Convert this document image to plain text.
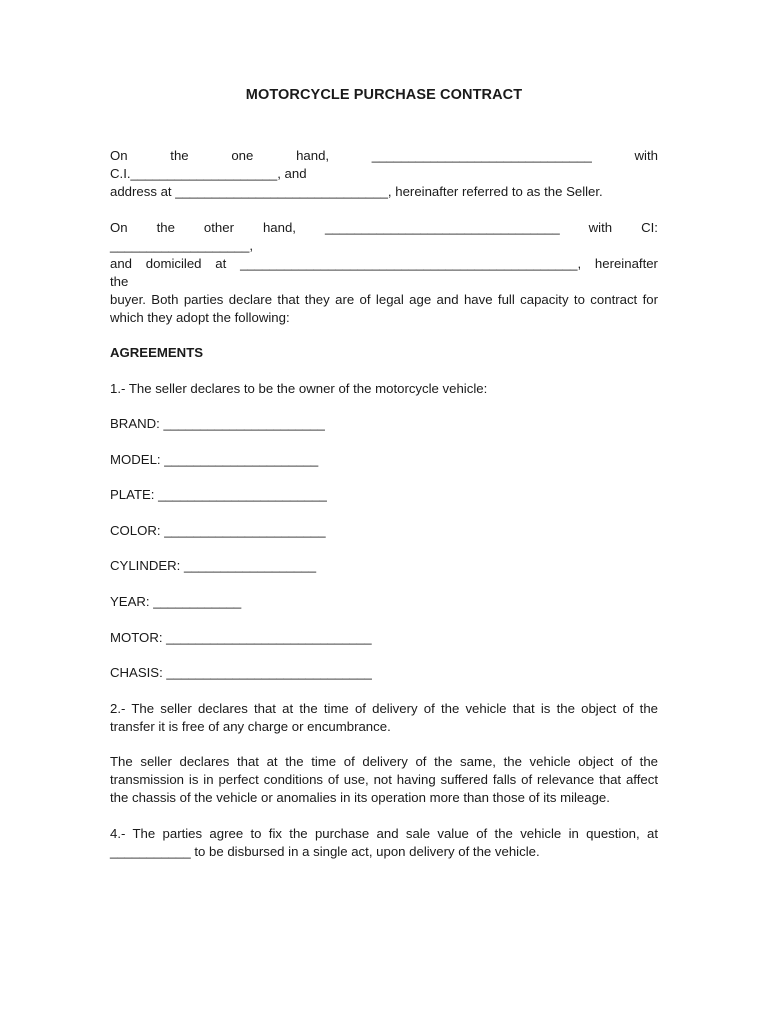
MOTORCYCLE PURCHASE CONTRACT
On	the	one	hand,	______________________________	with
C.I.____________________, and
address at _____________________________, hereinafter referred to as the Seller.
On the other hand, ________________________________ with CI:
___________________,
and domiciled at ______________________________________________, hereinafter
the
buyer. Both parties declare that they are of legal age and have full capacity to contract for which they adopt the following:
AGREEMENTS
1.- The seller declares to be the owner of the motorcycle vehicle:
BRAND: ______________________
MODEL: _____________________
PLATE: _______________________
COLOR: ______________________
CYLINDER: __________________
YEAR: ____________
MOTOR: ____________________________
CHASIS: ____________________________
2.- The seller declares that at the time of delivery of the vehicle that is the object of the transfer it is free of any charge or encumbrance.
The seller declares that at the time of delivery of the same, the vehicle object of the transmission is in perfect conditions of use, not having suffered falls of relevance that affect the chassis of the vehicle or anomalies in its operation more than those of its mileage.
4.- The parties agree to fix the purchase and sale value of the vehicle in question, at ___________ to be disbursed in a single act, upon delivery of the vehicle.
